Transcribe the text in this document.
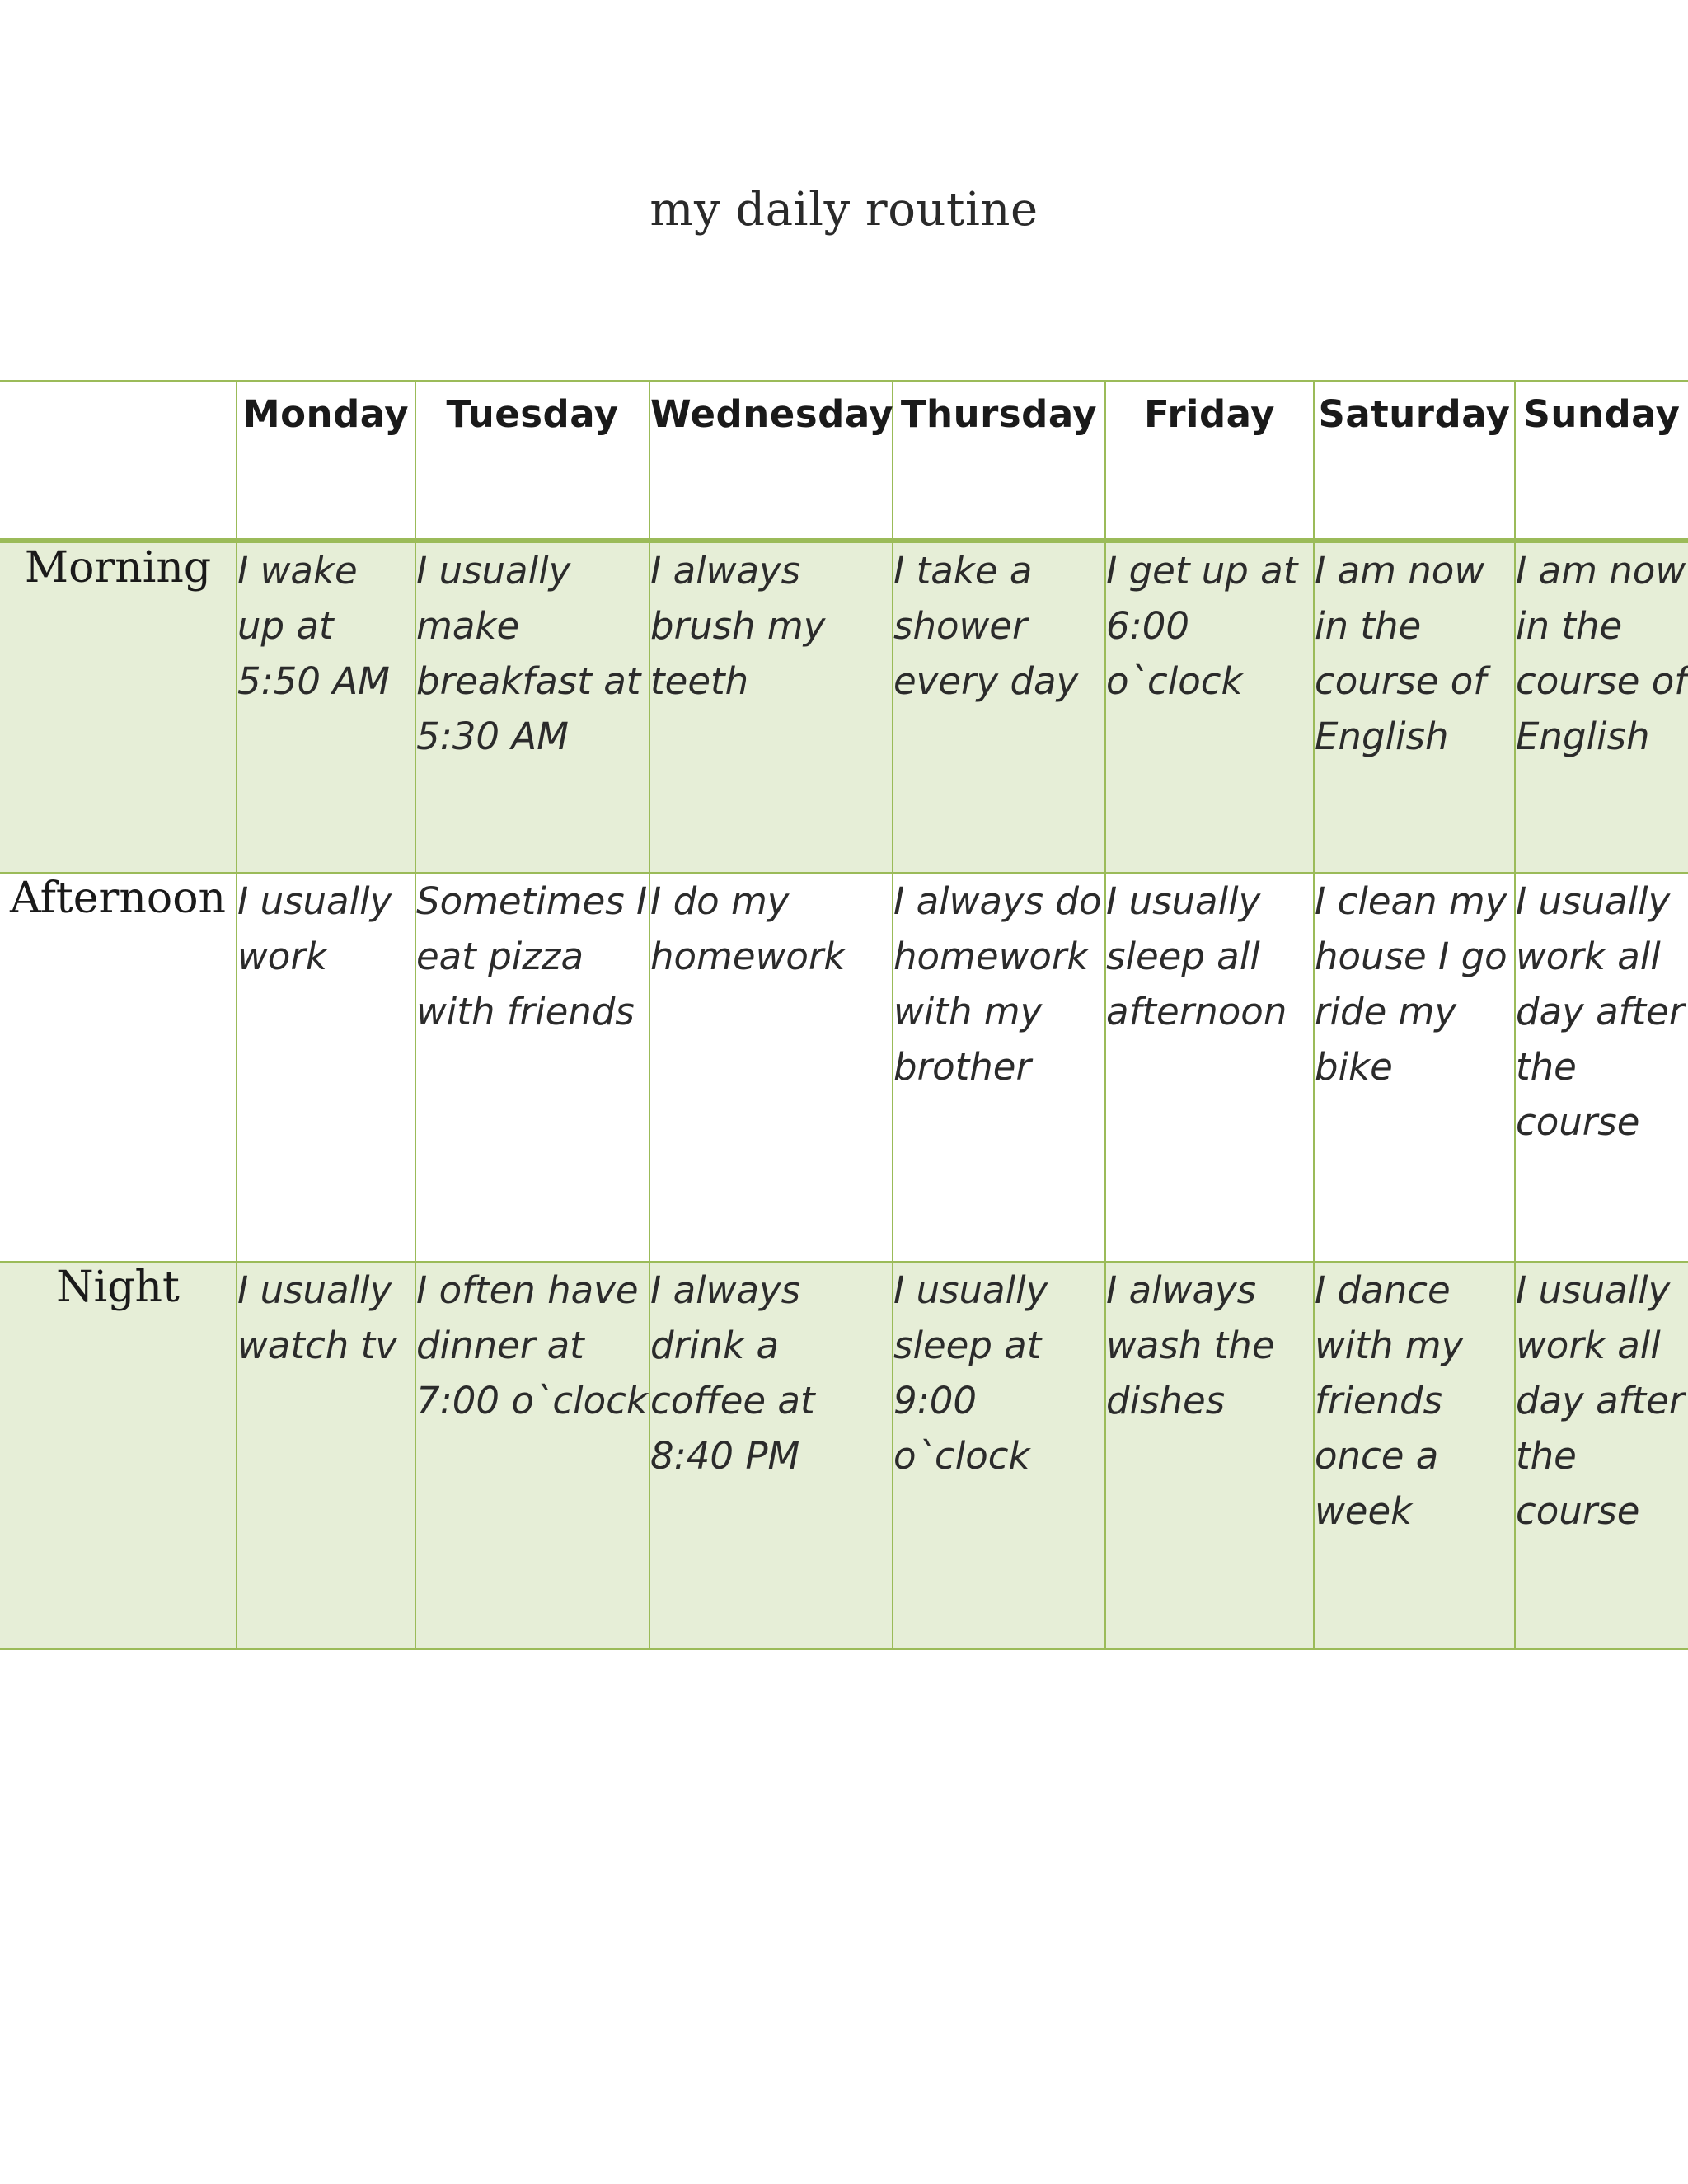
my daily routine
	Monday	Tuesday	Wednesday	Thursday	Friday	Saturday	Sunday
Morning	I wake up at 5:50 AM	I usually make breakfast at 5:30 AM	I always brush my teeth	I take a shower every day	I get up at 6:00 o`clock	I am now in the course of English	I am now in the course of English
Afternoon	I usually work	Sometimes I eat pizza with friends	I do my homework	I always do homework with my brother	I usually sleep all afternoon	I clean my house I go ride my bike	I usually work all day after the course
Night	I usually watch tv	I often have dinner at 7:00 o`clock	I always drink a coffee at 8:40 PM	I usually sleep at 9:00 o`clock	I always wash the dishes	I dance with my friends once a week	I usually work all day after the course
